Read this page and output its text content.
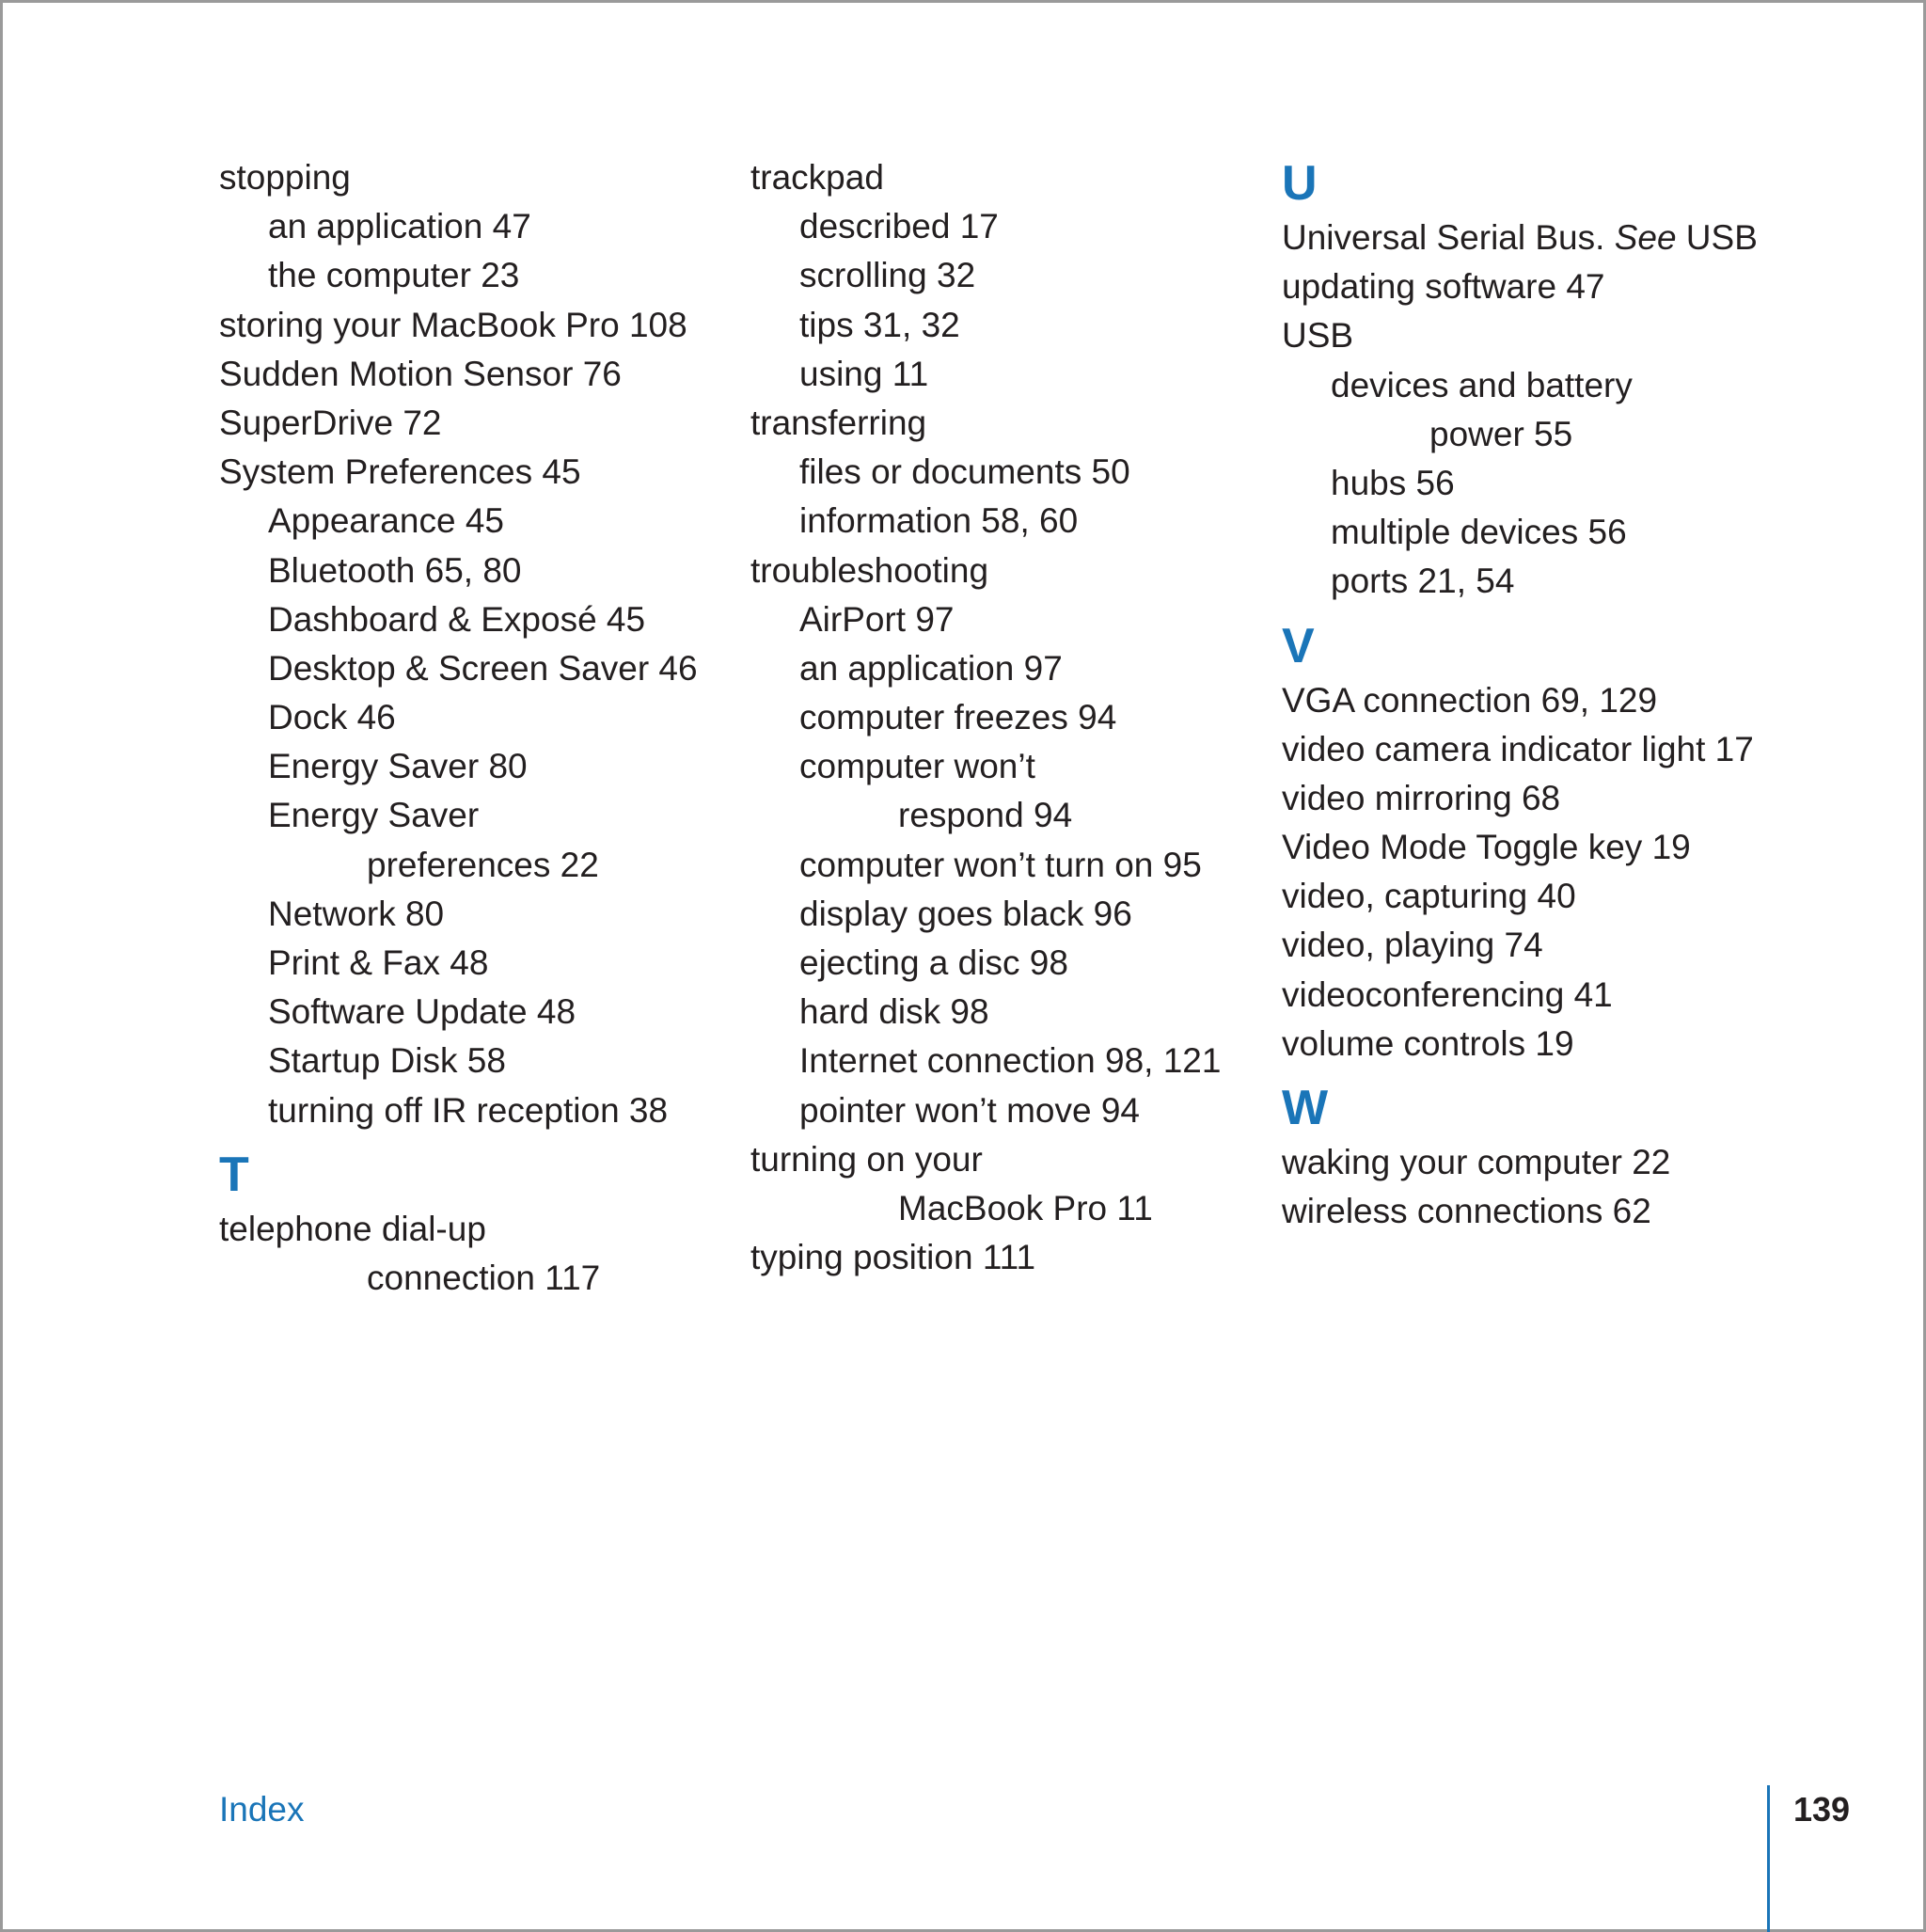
stopping
an application 47
the computer 23
storing your MacBook Pro 108
Sudden Motion Sensor 76
SuperDrive 72
System Preferences 45
Appearance 45
Bluetooth 65, 80
Dashboard & Exposé 45
Desktop & Screen Saver 46
Dock 46
Energy Saver 80
Energy Saver
preferences 22
Network 80
Print & Fax 48
Software Update 48
Startup Disk 58
turning off IR reception 38
T
telephone dial-up
connection 117
trackpad
described 17
scrolling 32
tips 31, 32
using 11
transferring
files or documents 50
information 58, 60
troubleshooting
AirPort 97
an application 97
computer freezes 94
computer won’t
respond 94
computer won’t turn on 95
display goes black 96
ejecting a disc 98
hard disk 98
Internet connection 98, 121
pointer won’t move 94
turning on your
MacBook Pro 11
typing position 111
U
Universal Serial Bus. See USB
updating software 47
USB
devices and battery
power 55
hubs 56
multiple devices 56
ports 21, 54
V
VGA connection 69, 129
video camera indicator light 17
video mirroring 68
Video Mode Toggle key 19
video, capturing 40
video, playing 74
videoconferencing 41
volume controls 19
W
waking your computer 22
wireless connections 62
Index	139
